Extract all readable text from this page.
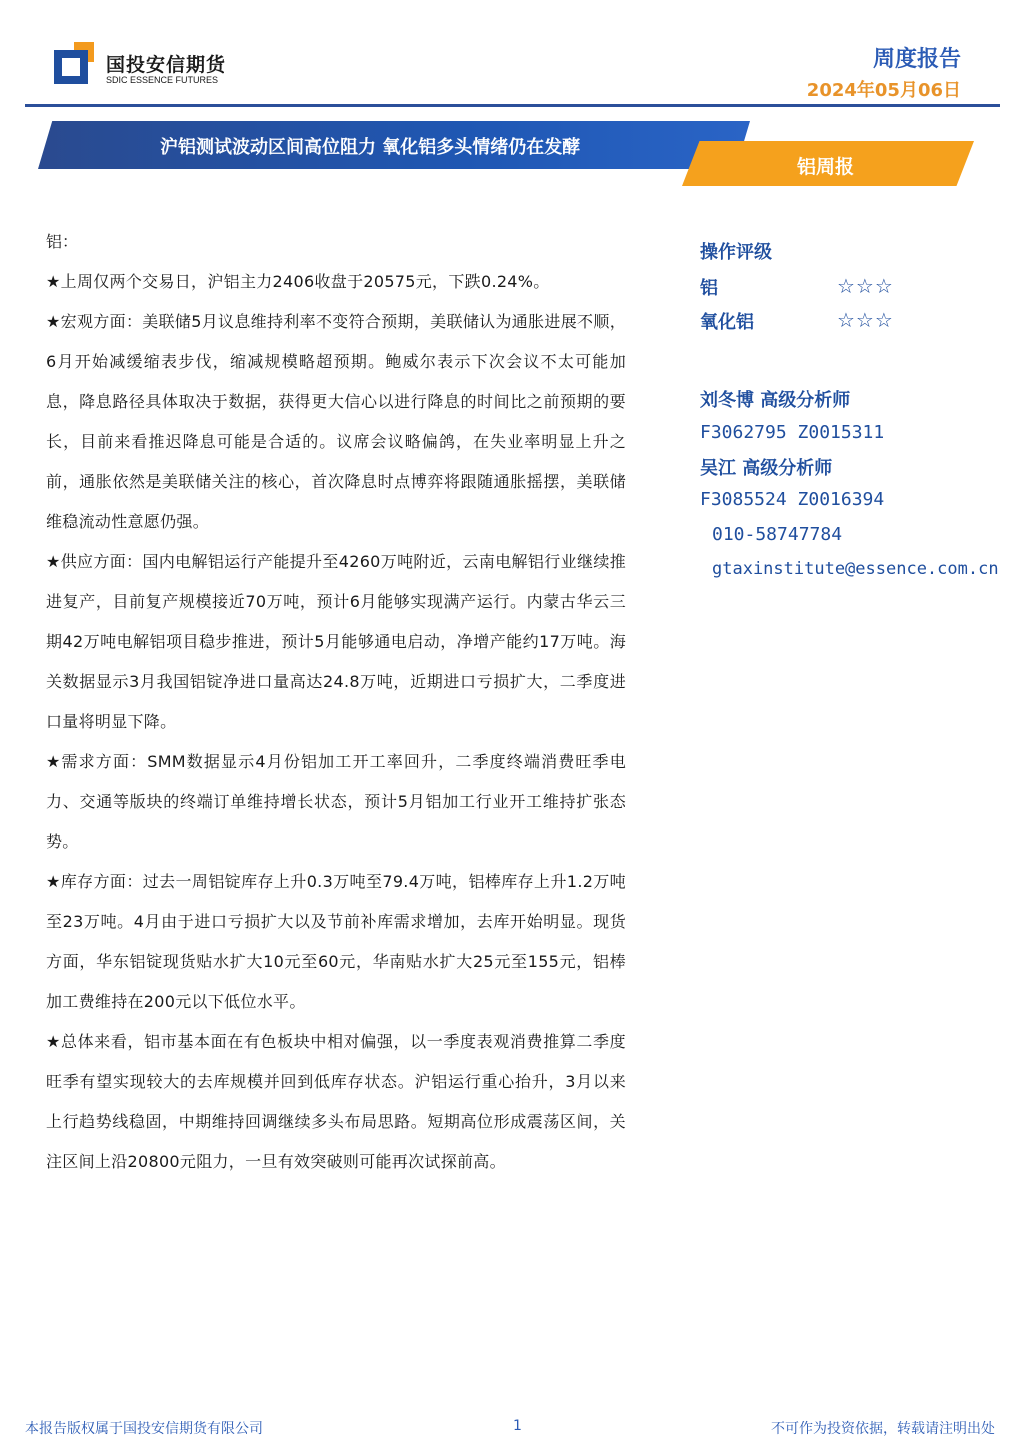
国投安信期货
SDIC ESSENCE FUTURES
周度报告
2024年05月06日
沪铝测试波动区间高位阻力 氧化铝多头情绪仍在发酵
铝周报
铝：

★上周仅两个交易日，沪铝主力2406收盘于20575元，下跌0.24%。

★宏观方面：美联储5月议息维持利率不变符合预期，美联储认为通胀进展不顺，6月开始减缓缩表步伐，缩减规模略超预期。鲍威尔表示下次会议不太可能加息，降息路径具体取决于数据，获得更大信心以进行降息的时间比之前预期的要长，目前来看推迟降息可能是合适的。议席会议略偏鸽，在失业率明显上升之前，通胀依然是美联储关注的核心，首次降息时点博弈将跟随通胀摇摆，美联储维稳流动性意愿仍强。

★供应方面：国内电解铝运行产能提升至4260万吨附近，云南电解铝行业继续推进复产，目前复产规模接近70万吨，预计6月能够实现满产运行。内蒙古华云三期42万吨电解铝项目稳步推进，预计5月能够通电启动，净增产能约17万吨。海关数据显示3月我国铝锭净进口量高达24.8万吨，近期进口亏损扩大，二季度进口量将明显下降。

★需求方面：SMM数据显示4月份铝加工开工率回升，二季度终端消费旺季电力、交通等版块的终端订单维持增长状态，预计5月铝加工行业开工维持扩张态势。

★库存方面：过去一周铝锭库存上升0.3万吨至79.4万吨，铝棒库存上升1.2万吨至23万吨。4月由于进口亏损扩大以及节前补库需求增加，去库开始明显。现货方面，华东铝锭现货贴水扩大10元至60元，华南贴水扩大25元至155元，铝棒加工费维持在200元以下低位水平。

★总体来看，铝市基本面在有色板块中相对偏强，以一季度表观消费推算二季度旺季有望实现较大的去库规模并回到低库存状态。沪铝运行重心抬升，3月以来上行趋势线稳固，中期维持回调继续多头布局思路。短期高位形成震荡区间，关注区间上沿20800元阻力，一旦有效突破则可能再次试探前高。

操作评级
铝	☆☆☆
氧化铝	☆☆☆
刘冬博 高级分析师
F3062795 Z0015311
吴江 高级分析师
F3085524 Z0016394
010-58747784
gtaxinstitute@essence.com.cn
本报告版权属于国投安信期货有限公司	1	不可作为投资依据，转载请注明出处
